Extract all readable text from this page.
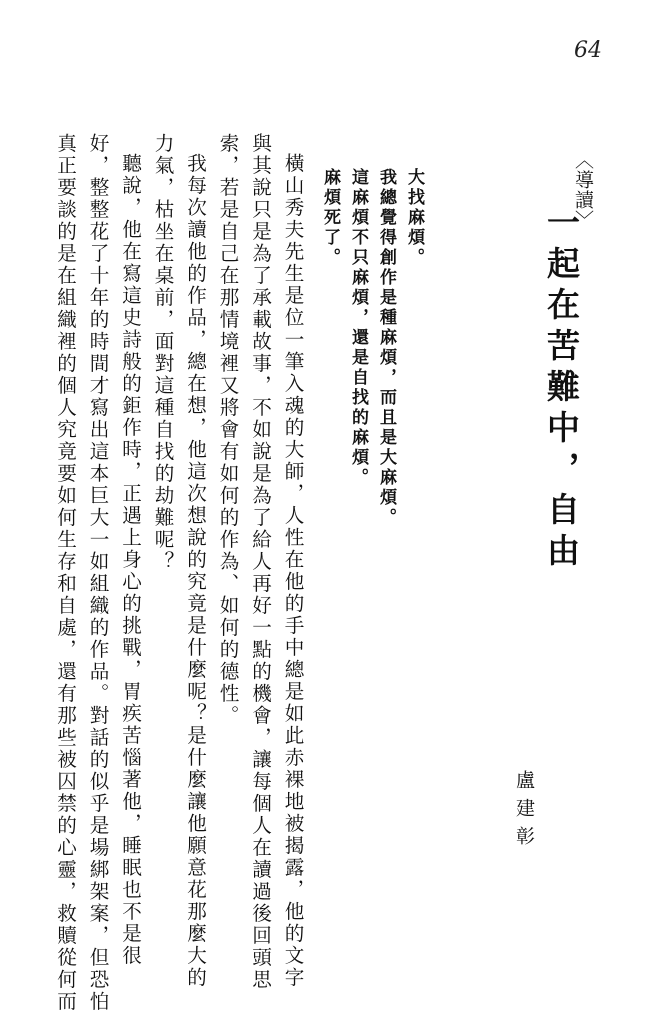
64
〈導讀〉
一起在苦難中，自由
大找麻煩。
我總覺得創作是種麻煩，而且是大麻煩。
這麻煩不只麻煩，還是自找的麻煩。
麻煩死了。
盧建彰

橫山秀夫先生是位一筆入魂的大師，人性在他的手中總是如此赤裸地被揭露，他的文字

與其說只是為了承載故事，不如說是為了給人再好一點的機會，讓每個人在讀過後回頭思

索，若是自己在那情境裡又將會有如何的作為、如何的德性。

我每次讀他的作品，總在想，他這次想說的究竟是什麼呢？是什麼讓他願意花那麼大的

力氣，枯坐在桌前，面對這種自找的劫難呢？

聽說，他在寫這史詩般的鉅作時，正遇上身心的挑戰，胃疾苦惱著他，睡眠也不是很

好，整整花了十年的時間才寫出這本巨大一如組織的作品。對話的似乎是場綁架案，但恐怕

真正要談的是在組織裡的個人究竟要如何生存和自處，還有那些被囚禁的心靈，救贖從何而
